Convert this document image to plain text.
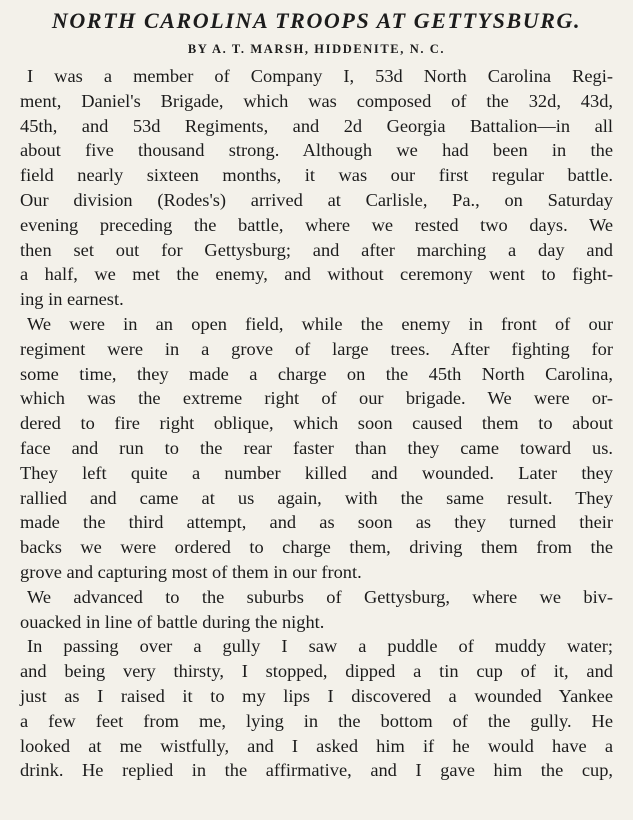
NORTH CAROLINA TROOPS AT GETTYSBURG.
BY A. T. MARSH, HIDDENITE, N. C.

I was a member of Company I, 53d North Carolina Regi-
ment, Daniel's Brigade, which was composed of the 32d, 43d,
45th, and 53d Regiments, and 2d Georgia Battalion—in all
about five thousand strong. Although we had been in the
field nearly sixteen months, it was our first regular battle.
Our division (Rodes's) arrived at Carlisle, Pa., on Saturday
evening preceding the battle, where we rested two days. We
then set out for Gettysburg; and after marching a day and
a half, we met the enemy, and without ceremony went to fight-
ing in earnest.

We were in an open field, while the enemy in front of our
regiment were in a grove of large trees. After fighting for
some time, they made a charge on the 45th North Carolina,
which was the extreme right of our brigade. We were or-
dered to fire right oblique, which soon caused them to about
face and run to the rear faster than they came toward us.
They left quite a number killed and wounded. Later they
rallied and came at us again, with the same result. They
made the third attempt, and as soon as they turned their
backs we were ordered to charge them, driving them from the
grove and capturing most of them in our front.

We advanced to the suburbs of Gettysburg, where we biv-
ouacked in line of battle during the night.

In passing over a gully I saw a puddle of muddy water;
and being very thirsty, I stopped, dipped a tin cup of it, and
just as I raised it to my lips I discovered a wounded Yankee
a few feet from me, lying in the bottom of the gully. He
looked at me wistfully, and I asked him if he would have a
drink. He replied in the affirmative, and I gave him the cup,
